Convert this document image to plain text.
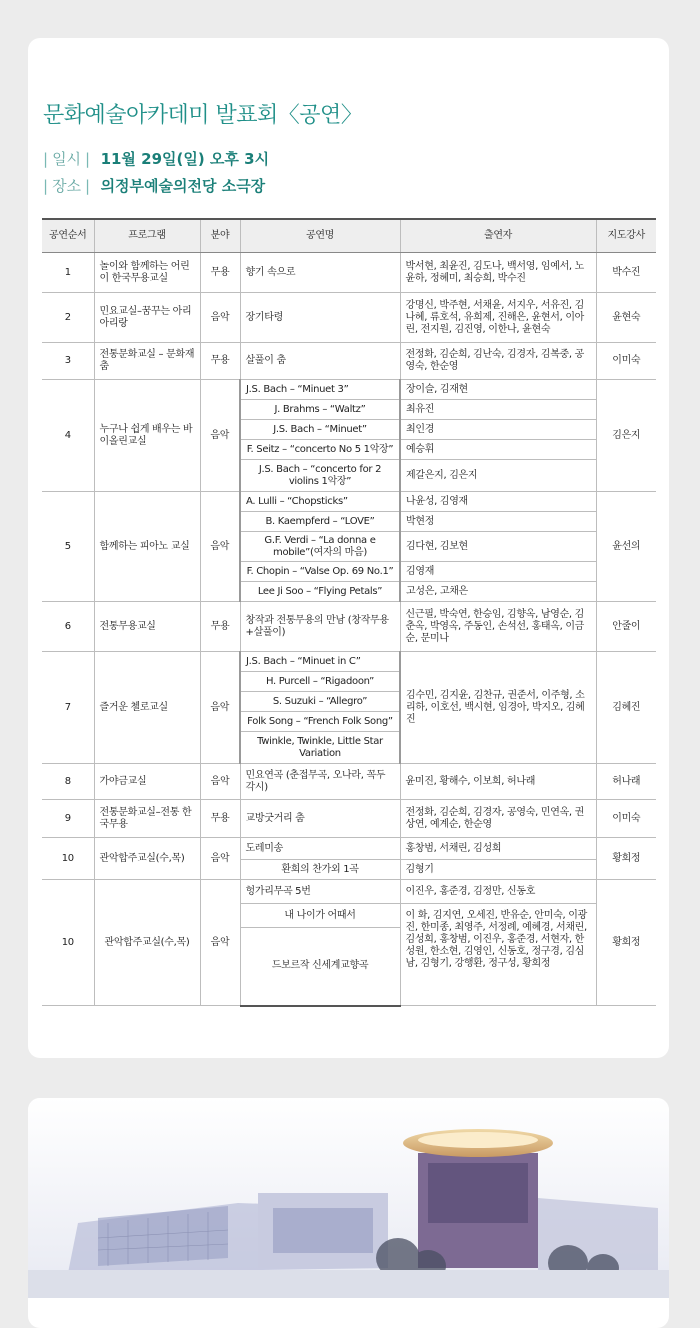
문화예술아카데미 발표회〈공연〉
| 일시 | 11월 29일(일) 오후 3시
| 장소 | 의정부예술의전당 소극장
공연순서	프로그램	분야	공연명	출연자	지도강사
1	놀이와 함께하는 어린이 한국무용교실	무용	향기 속으로	박서현, 최윤진, 김도나, 백서영, 임예서, 노윤하, 정혜미, 최승희, 박수진	박수진
2	민요교실–꿈꾸는 아리아리랑	음악	장기타령	강명신, 박주현, 서채윤, 서지우, 서유진, 김나혜, 류호석, 유희제, 진해은, 윤현서, 이아린, 전지원, 김진영, 이한나, 윤현숙	윤현숙
3	전통문화교실 – 문화재 춤	무용	살풀이 춤	전정화, 김순희, 김난숙, 김경자, 김복중, 공영숙, 한순영	이미숙
4	누구나 쉽게 배우는 바이올린교실	음악	J.S. Bach – “Minuet 3”	장이슬, 김재현	김은지
			J. Brahms – “Waltz”	최유진	
			J.S. Bach – “Minuet”	최인경	
			F. Seitz – “concerto No 5 1악장”	예승휘	
			J.S. Bach – “concerto for 2 violins 1악장”	제갈은지, 김은지	
5	함께하는 피아노 교실	음악	A. Lulli – “Chopsticks”	나윤성, 김영재	윤선의
			B. Kaempferd – “LOVE”	박현정	
			G.F. Verdi – “La donna e mobile”(여자의 마음)	김다현, 김보현	
			F. Chopin – “Valse Op. 69 No.1”	김영재	
			Lee Ji Soo – “Flying Petals”	고성은, 고채은	
6	전통무용교실	무용	창작과 전통무용의 만남 (창작무용+살풀이)	신근필, 박숙연, 한승임, 김향옥, 남영순, 김춘옥, 박영옥, 주동인, 손석선, 홍태옥, 이금순, 문미나	안줄이
7	즐거운 첼로교실	음악	J.S. Bach – “Minuet in C”	김수민, 김지윤, 김찬규, 권준서, 이주형, 소리하, 이호선, 백시현, 임경아, 박지오, 김혜진	김혜진
			H. Purcell – “Rigadoon”		
			S. Suzuki – “Allegro”		
			Folk Song – “French Folk Song”		
			Twinkle, Twinkle, Little Star Variation		
8	가야금교실	음악	민요연곡 (춘접무곡, 오나라, 꼭두각시)	윤미진, 황해수, 이보희, 허나래	허나래
9	전통문화교실–전통 한국무용	무용	교방굿거리 춤	전정화, 김순희, 김경자, 공영숙, 민연옥, 권상연, 예계순, 한순영	이미숙
10	관악합주교실(수,목)	음악	도레미송	홍창범, 서채린, 김성희	황희정
			환희의 찬가외 1곡	김형기	
10	관악합주교실(수,목)	음악	헝가리무곡 5번	이진우, 홍준경, 김정만, 신동호	황희정
			내 나이가 어때서	이 화, 김지연, 오세진, 반유순, 안미숙, 이광진, 한미종, 최영주, 서정례, 예혜경, 서채린, 김성희, 홍창범, 이진우, 홍준경, 서현자, 한성원, 한소현, 김영인, 신동호, 정구경, 김심남, 김형기, 강행환, 정구성, 황희정	
			드보르작 신세계교향곡		
